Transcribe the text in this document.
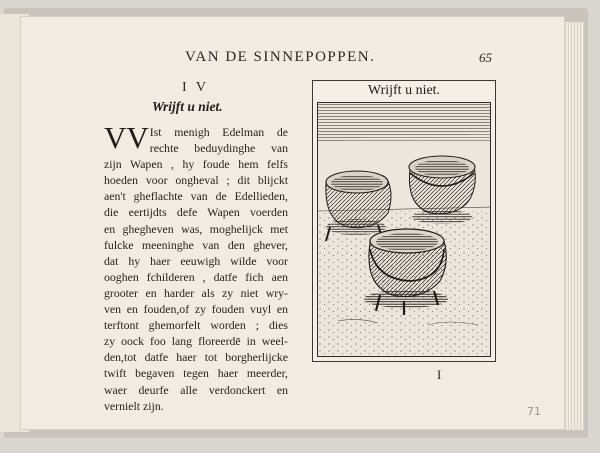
VAN DE SINNEPOPPEN.	65
I V
Wrijft u niet.
VV Ist menigh Edelman de
rechte beduydinghe van
zijn Wapen , hy foude hem felfs
hoeden voor ongheval ; dit blijckt
aen't gheflachte van de Edellieden,
die eertijdts defe Wapen voerden
en ghegheven was, moghelijck met
fulcke meeninghe van den ghever,
dat hy haer eeuwigh wilde voor
ooghen fchilderen , datfe fich aen
grooter en harder als zy niet wry-
ven en fouden,of zy fouden vuyl en
terftont ghemorfelt worden ; dies
zy oock foo lang floreerdē in weel-
den,tot datfe haer tot borgherlijcke
twift begaven tegen haer meerder,
waer deurfe alle verdonckert en
vernielt zijn.
Wrijft u niet.
I
71
